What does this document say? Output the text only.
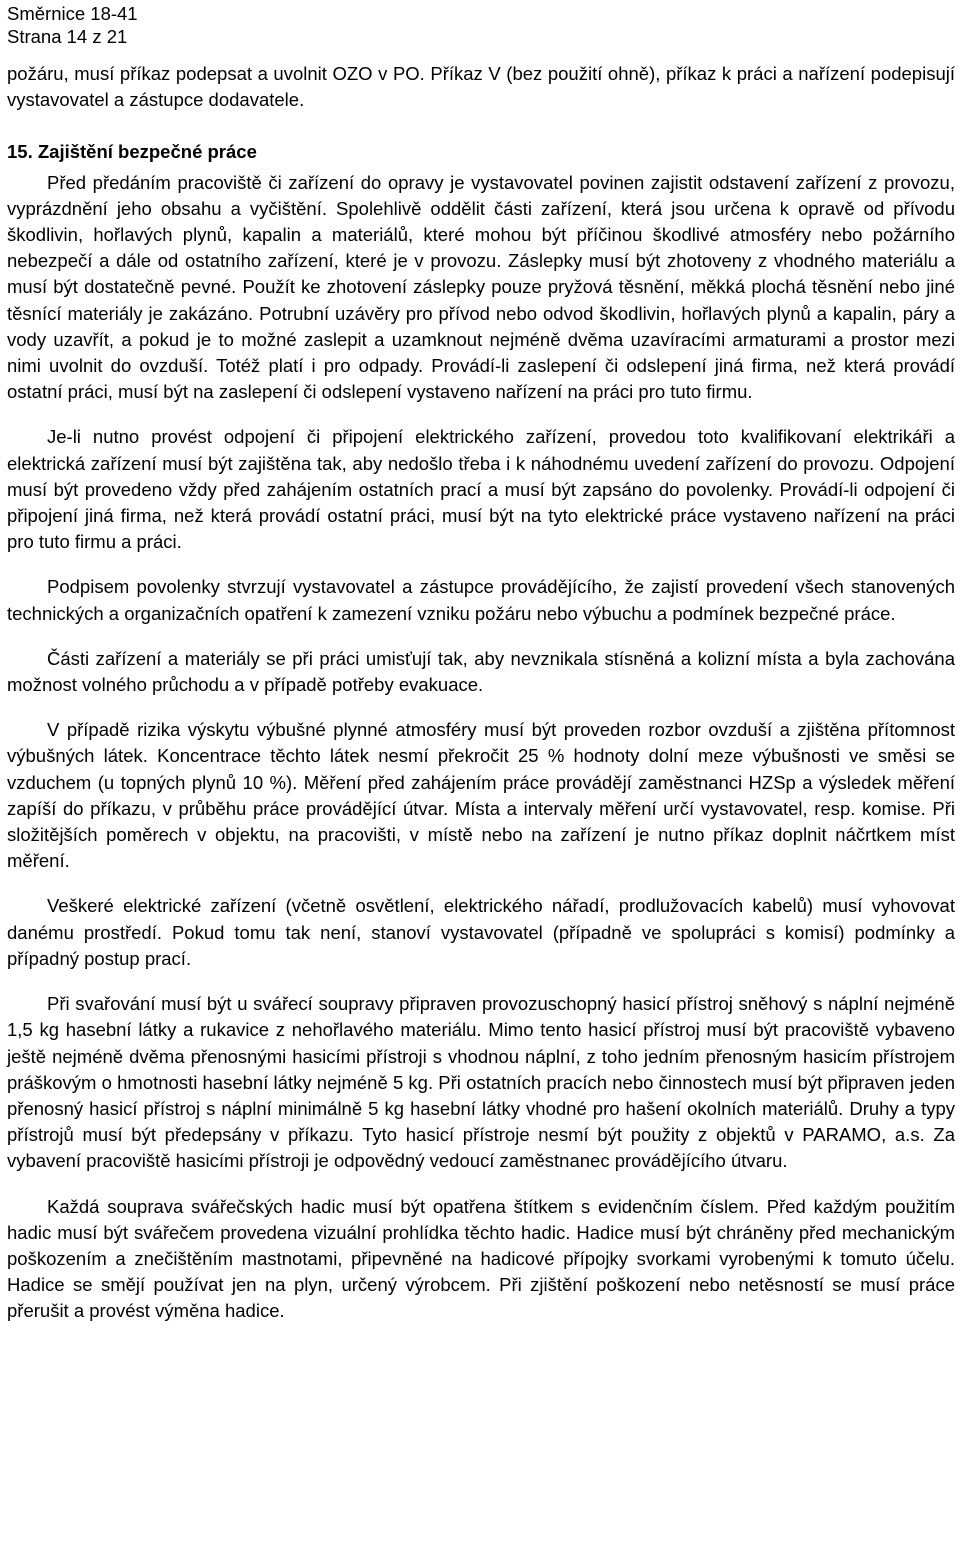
Směrnice 18-41
Strana 14 z 21

požáru, musí příkaz podepsat a uvolnit OZO v PO. Příkaz V (bez použití ohně), příkaz k práci a nařízení podepisují vystavovatel a zástupce dodavatele.

15. Zajištění bezpečné práce

Před předáním pracoviště či zařízení do opravy je vystavovatel povinen zajistit odstavení zařízení z provozu, vyprázdnění jeho obsahu a vyčištění. Spolehlivě oddělit části zařízení, která jsou určena k opravě od přívodu škodlivin, hořlavých plynů, kapalin a materiálů, které mohou být příčinou škodlivé atmosféry nebo požárního nebezpečí a dále od ostatního zařízení, které je v provozu. Záslepky musí být zhotoveny z vhodného materiálu a musí být dostatečně pevné. Použít ke zhotovení záslepky pouze pryžová těsnění, měkká plochá těsnění nebo jiné těsnící materiály je zakázáno. Potrubní uzávěry pro přívod nebo odvod škodlivin, hořlavých plynů a kapalin, páry a vody uzavřít, a pokud je to možné zaslepit a uzamknout nejméně dvěma uzavíracími armaturami a prostor mezi nimi uvolnit do ovzduší. Totéž platí i pro odpady. Provádí-li zaslepení či odslepení jiná firma, než která provádí ostatní práci, musí být na zaslepení či odslepení vystaveno nařízení na práci pro tuto firmu.

Je-li nutno provést odpojení či připojení elektrického zařízení, provedou toto kvalifikovaní elektrikáři a elektrická zařízení musí být zajištěna tak, aby nedošlo třeba i k náhodnému uvedení zařízení do provozu. Odpojení musí být provedeno vždy před zahájením ostatních prací a musí být zapsáno do povolenky. Provádí-li odpojení či připojení jiná firma, než která provádí ostatní práci, musí být na tyto elektrické práce vystaveno nařízení na práci pro tuto firmu a práci.

Podpisem povolenky stvrzují vystavovatel a zástupce provádějícího, že zajistí provedení všech stanovených technických a organizačních opatření k zamezení vzniku požáru nebo výbuchu a podmínek bezpečné práce.

Části zařízení a materiály se při práci umisťují tak, aby nevznikala stísněná a kolizní místa a byla zachována možnost volného průchodu a v případě potřeby evakuace.

V případě rizika výskytu výbušné plynné atmosféry musí být proveden rozbor ovzduší a zjištěna přítomnost výbušných látek. Koncentrace těchto látek nesmí překročit 25 % hodnoty dolní meze výbušnosti ve směsi se vzduchem (u topných plynů 10 %). Měření před zahájením práce provádějí zaměstnanci HZSp a výsledek měření zapíší do příkazu, v průběhu práce provádějící útvar. Místa a intervaly měření určí vystavovatel, resp. komise. Při složitějších poměrech v objektu, na pracovišti, v místě nebo na zařízení je nutno příkaz doplnit náčrtkem míst měření.

Veškeré elektrické zařízení (včetně osvětlení, elektrického nářadí, prodlužovacích kabelů) musí vyhovovat danému prostředí. Pokud tomu tak není, stanoví vystavovatel (případně ve spolupráci s komisí) podmínky a případný postup prací.

Při svařování musí být u svářecí soupravy připraven provozuschopný hasicí přístroj sněhový s náplní nejméně 1,5 kg hasební látky a rukavice z nehořlavého materiálu. Mimo tento hasicí přístroj musí být pracoviště vybaveno ještě nejméně dvěma přenosnými hasicími přístroji s vhodnou náplní, z toho jedním přenosným hasicím přístrojem práškovým o hmotnosti hasební látky nejméně 5 kg. Při ostatních pracích nebo činnostech musí být připraven jeden přenosný hasicí přístroj s náplní minimálně 5 kg hasební látky vhodné pro hašení okolních materiálů. Druhy a typy přístrojů musí být předepsány v příkazu. Tyto hasicí přístroje nesmí být použity z objektů v PARAMO, a.s. Za vybavení pracoviště hasicími přístroji je odpovědný vedoucí zaměstnanec provádějícího útvaru.

Každá souprava svářečských hadic musí být opatřena štítkem s evidenčním číslem. Před každým použitím hadic musí být svářečem provedena vizuální prohlídka těchto hadic. Hadice musí být chráněny před mechanickým poškozením a znečištěním mastnotami, připevněné na hadicové přípojky svorkami vyrobenými k tomuto účelu. Hadice se smějí používat jen na plyn, určený výrobcem. Při zjištění poškození nebo netěsností se musí práce přerušit a provést výměna hadice.
